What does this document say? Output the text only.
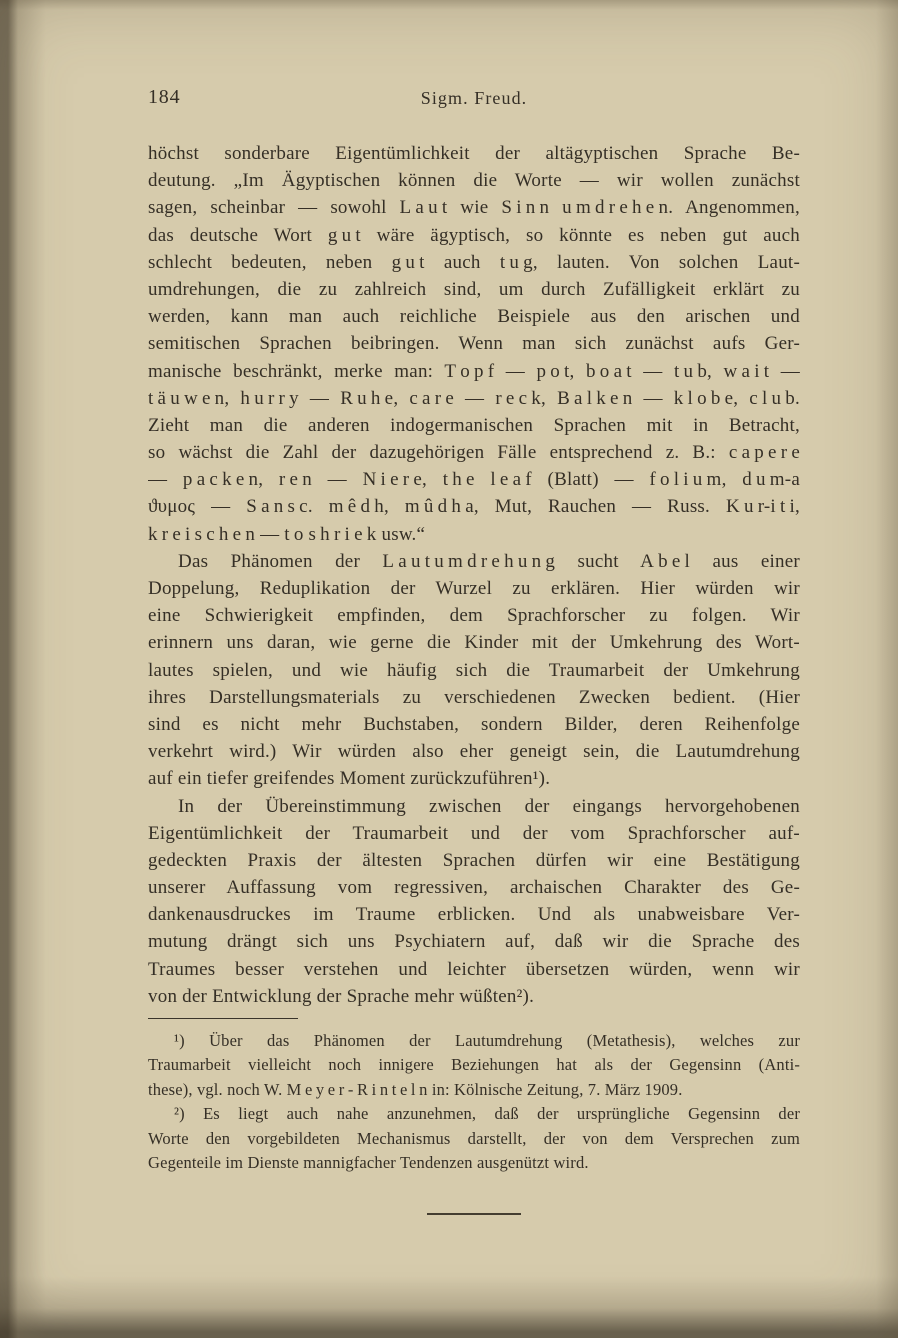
184	Sigm. Freud.
höchst sonderbare Eigentümlichkeit der altägyptischen Sprache Be-
deutung. „Im Ägyptischen können die Worte — wir wollen zunächst
sagen, scheinbar — sowohl L a u t wie S i n n u m d r e h e n. Angenommen,
das deutsche Wort g u t wäre ägyptisch, so könnte es neben gut auch
schlecht bedeuten, neben g u t auch t u g, lauten. Von solchen Laut-
umdrehungen, die zu zahlreich sind, um durch Zufälligkeit erklärt zu
werden, kann man auch reichliche Beispiele aus den arischen und
semitischen Sprachen beibringen. Wenn man sich zunächst aufs Ger-
manische beschränkt, merke man: T o p f — p o t, b o a t — t u b, w a i t —
t ä u w e n, h u r r y — R u h e, c a r e — r e c k, B a l k e n — k l o b e, c l u b.
Zieht man die anderen indogermanischen Sprachen mit in Betracht,
so wächst die Zahl der dazugehörigen Fälle entsprechend z. B.: c a p e r e
— p a c k e n, r e n — N i e r e, t h e l e a f (Blatt) — f o l i u m, d u m-a
ϑυμος — S a n s c. m ê d h, m û d h a, Mut, Rauchen — Russ. K u r-i t i,
k r e i s c h e n — t o s h r i e k usw.“
Das Phänomen der L a u t u m d r e h u n g sucht A b e l aus einer
Doppelung, Reduplikation der Wurzel zu erklären. Hier würden wir
eine Schwierigkeit empfinden, dem Sprachforscher zu folgen. Wir
erinnern uns daran, wie gerne die Kinder mit der Umkehrung des Wort-
lautes spielen, und wie häufig sich die Traumarbeit der Umkehrung
ihres Darstellungsmaterials zu verschiedenen Zwecken bedient. (Hier
sind es nicht mehr Buchstaben, sondern Bilder, deren Reihenfolge
verkehrt wird.) Wir würden also eher geneigt sein, die Lautumdrehung
auf ein tiefer greifendes Moment zurückzuführen¹).
In der Übereinstimmung zwischen der eingangs hervorgehobenen
Eigentümlichkeit der Traumarbeit und der vom Sprachforscher auf-
gedeckten Praxis der ältesten Sprachen dürfen wir eine Bestätigung
unserer Auffassung vom regressiven, archaischen Charakter des Ge-
dankenausdruckes im Traume erblicken. Und als unabweisbare Ver-
mutung drängt sich uns Psychiatern auf, daß wir die Sprache des
Traumes besser verstehen und leichter übersetzen würden, wenn wir
von der Entwicklung der Sprache mehr wüßten²).
¹) Über das Phänomen der Lautumdrehung (Metathesis), welches zur
Traumarbeit vielleicht noch innigere Beziehungen hat als der Gegensinn (Anti-
these), vgl. noch W. M e y e r - R i n t e l n in: Kölnische Zeitung, 7. März 1909.
²) Es liegt auch nahe anzunehmen, daß der ursprüngliche Gegensinn der
Worte den vorgebildeten Mechanismus darstellt, der von dem Versprechen zum
Gegenteile im Dienste mannigfacher Tendenzen ausgenützt wird.
